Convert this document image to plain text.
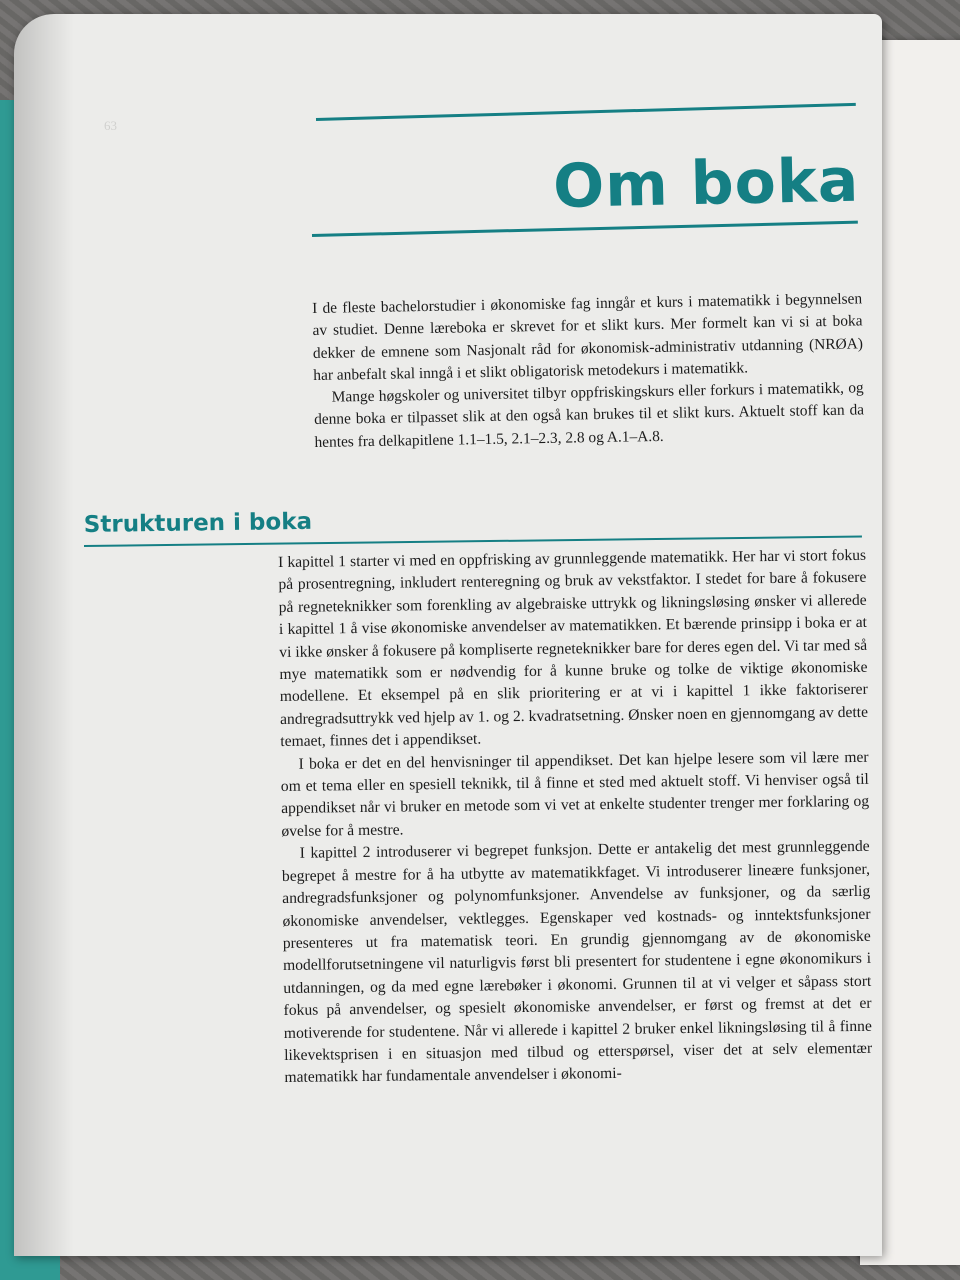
63
Om boka

I de fleste bachelorstudier i økonomiske fag inngår et kurs i matematikk i begynnelsen av studiet. Denne læreboka er skrevet for et slikt kurs. Mer formelt kan vi si at boka dekker de emnene som Nasjonalt råd for økonomisk-administrativ utdanning (NRØA) har anbefalt skal inngå i et slikt obligatorisk metodekurs i matematikk.

Mange høgskoler og universitet tilbyr oppfriskingskurs eller forkurs i matematikk, og denne boka er tilpasset slik at den også kan brukes til et slikt kurs. Aktuelt stoff kan da hentes fra delkapitlene 1.1–1.5, 2.1–2.3, 2.8 og A.1–A.8.

Strukturen i boka

I kapittel 1 starter vi med en oppfrisking av grunnleggende matematikk. Her har vi stort fokus på prosentregning, inkludert renteregning og bruk av vekstfaktor. I stedet for bare å fokusere på regneteknikker som forenkling av algebraiske uttrykk og likningsløsing ønsker vi allerede i kapittel 1 å vise økonomiske anvendelser av matematikken. Et bærende prinsipp i boka er at vi ikke ønsker å fokusere på kompliserte regneteknikker bare for deres egen del. Vi tar med så mye matematikk som er nødvendig for å kunne bruke og tolke de viktige økonomiske modellene. Et eksempel på en slik prioritering er at vi i kapittel 1 ikke faktoriserer andregradsuttrykk ved hjelp av 1. og 2. kvadratsetning. Ønsker noen en gjennomgang av dette temaet, finnes det i appendikset.

I boka er det en del henvisninger til appendikset. Det kan hjelpe lesere som vil lære mer om et tema eller en spesiell teknikk, til å finne et sted med aktuelt stoff. Vi henviser også til appendikset når vi bruker en metode som vi vet at enkelte studenter trenger mer forklaring og øvelse for å mestre.

I kapittel 2 introduserer vi begrepet funksjon. Dette er antakelig det mest grunnleggende begrepet å mestre for å ha utbytte av matematikkfaget. Vi introduserer lineære funksjoner, andregradsfunksjoner og polynomfunksjoner. Anvendelse av funksjoner, og da særlig økonomiske anvendelser, vektlegges. Egenskaper ved kostnads- og inntektsfunksjoner presenteres ut fra matematisk teori. En grundig gjennomgang av de økonomiske modellforutsetningene vil naturligvis først bli presentert for studentene i egne økonomikurs i utdanningen, og da med egne lærebøker i økonomi. Grunnen til at vi velger et såpass stort fokus på anvendelser, og spesielt økonomiske anvendelser, er først og fremst at det er motiverende for studentene. Når vi allerede i kapittel 2 bruker enkel likningsløsing til å finne likevektsprisen i en situasjon med tilbud og etterspørsel, viser det at selv elementær matematikk har fundamentale anvendelser i økonomi-
